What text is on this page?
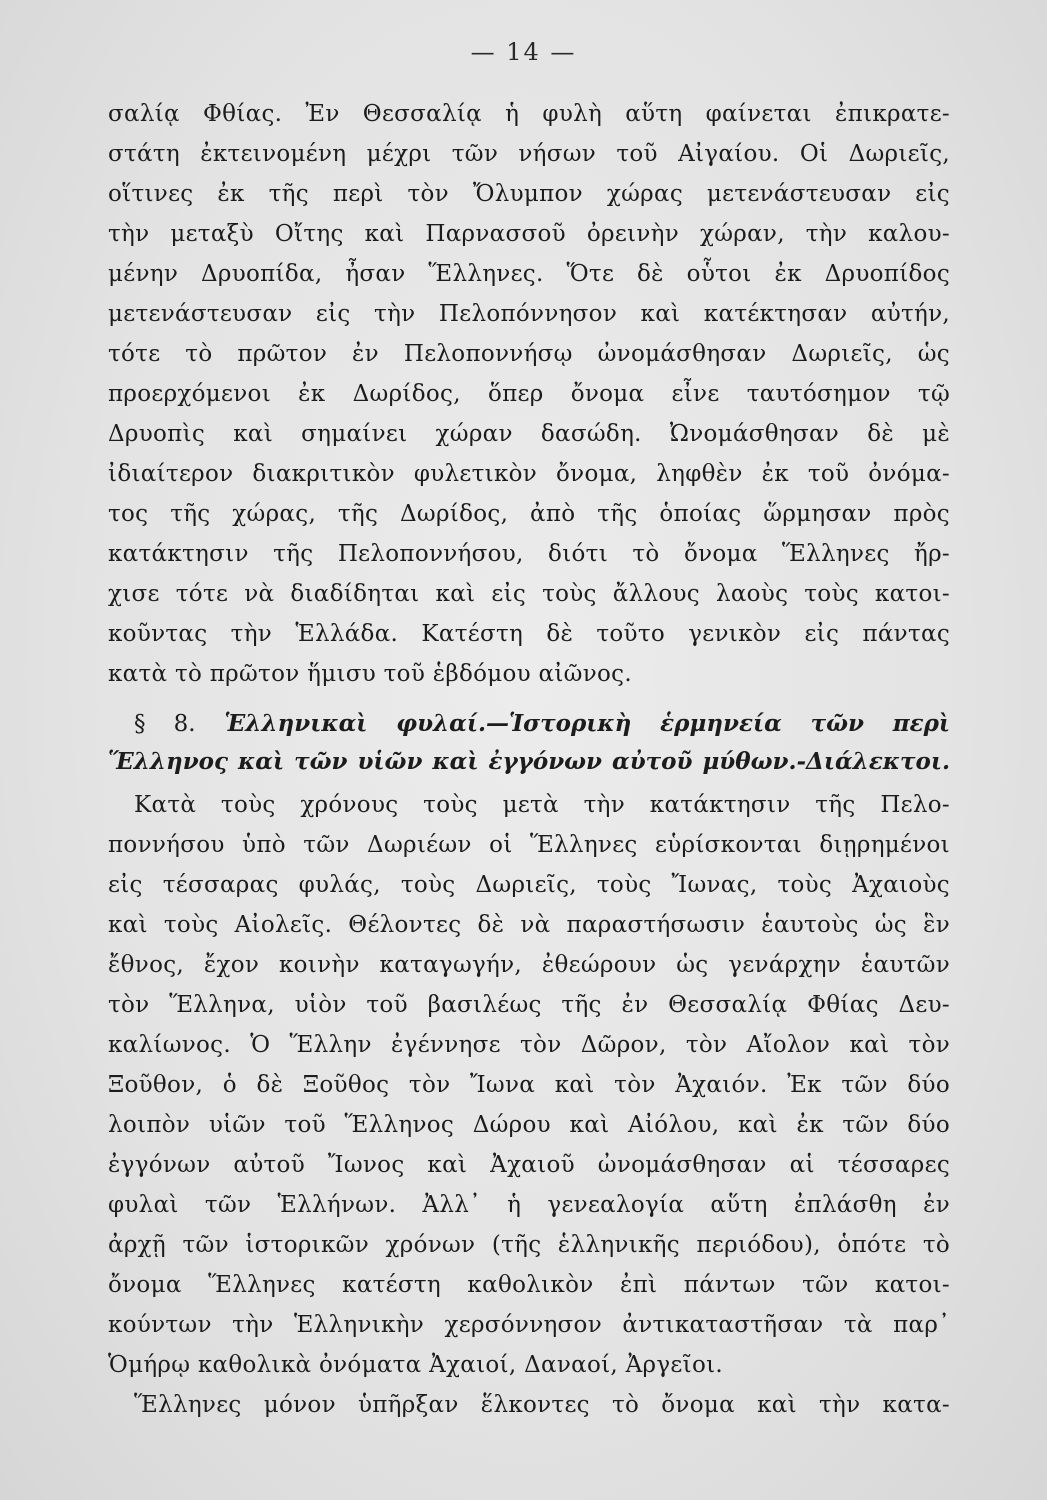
— 14 —
σαλίᾳ Φθίας. Ἐν Θεσσαλίᾳ ἡ φυλὴ αὕτη φαίνεται ἐπικρατε-
στάτη ἐκτεινομένη μέχρι τῶν νήσων τοῦ Αἰγαίου. Οἱ Δωριεῖς,
οἵτινες ἐκ τῆς περὶ τὸν Ὄλυμπον χώρας μετενάστευσαν εἰς
τὴν μεταξὺ Οἴτης καὶ Παρνασσοῦ ὀρεινὴν χώραν, τὴν καλου-
μένην Δρυοπίδα, ἦσαν Ἕλληνες. Ὅτε δὲ οὗτοι ἐκ Δρυοπίδος
μετενάστευσαν εἰς τὴν Πελοπόννησον καὶ κατέκτησαν αὐτήν,
τότε τὸ πρῶτον ἐν Πελοποννήσῳ ὠνομάσθησαν Δωριεῖς, ὡς
προερχόμενοι ἐκ Δωρίδος, ὅπερ ὄνομα εἶνε ταυτόσημον τῷ
Δρυοπὶς καὶ σημαίνει χώραν δασώδη. Ὠνομάσθησαν δὲ μὲ
ἰδιαίτερον διακριτικὸν φυλετικὸν ὄνομα, ληφθὲν ἐκ τοῦ ὀνόμα-
τος τῆς χώρας, τῆς Δωρίδος, ἀπὸ τῆς ὁποίας ὥρμησαν πρὸς
κατάκτησιν τῆς Πελοποννήσου, διότι τὸ ὄνομα Ἕλληνες ἤρ-
χισε τότε νὰ διαδίδηται καὶ εἰς τοὺς ἄλλους λαοὺς τοὺς κατοι-
κοῦντας τὴν Ἑλλάδα. Κατέστη δὲ τοῦτο γενικὸν εἰς πάντας
κατὰ τὸ πρῶτον ἥμισυ τοῦ ἑβδόμου αἰῶνος.
§ 8. Ἑλληνικαὶ φυλαί.—Ἱστορικὴ ἑρμηνεία τῶν περὶ
Ἕλληνος καὶ τῶν υἱῶν καὶ ἐγγόνων αὐτοῦ μύθων.-Διάλεκτοι.
Κατὰ τοὺς χρόνους τοὺς μετὰ τὴν κατάκτησιν τῆς Πελο-
ποννήσου ὑπὸ τῶν Δωριέων οἱ Ἕλληνες εὑρίσκονται διῃρημένοι
εἰς τέσσαρας φυλάς, τοὺς Δωριεῖς, τοὺς Ἴωνας, τοὺς Ἀχαιοὺς
καὶ τοὺς Αἰολεῖς. Θέλοντες δὲ νὰ παραστήσωσιν ἑαυτοὺς ὡς ἓν
ἔθνος, ἔχον κοινὴν καταγωγήν, ἐθεώρουν ὡς γενάρχην ἑαυτῶν
τὸν Ἕλληνα, υἱὸν τοῦ βασιλέως τῆς ἐν Θεσσαλίᾳ Φθίας Δευ-
καλίωνος. Ὁ Ἕλλην ἐγέννησε τὸν Δῶρον, τὸν Αἴολον καὶ τὸν
Ξοῦθον, ὁ δὲ Ξοῦθος τὸν Ἴωνα καὶ τὸν Ἀχαιόν. Ἐκ τῶν δύο
λοιπὸν υἱῶν τοῦ Ἕλληνος Δώρου καὶ Αἰόλου, καὶ ἐκ τῶν δύο
ἐγγόνων αὐτοῦ Ἴωνος καὶ Ἀχαιοῦ ὠνομάσθησαν αἱ τέσσαρες
φυλαὶ τῶν Ἑλλήνων. Ἀλλ᾽ ἡ γενεαλογία αὕτη ἐπλάσθη ἐν
ἀρχῇ τῶν ἱστορικῶν χρόνων (τῆς ἑλληνικῆς περιόδου), ὁπότε τὸ
ὄνομα Ἕλληνες κατέστη καθολικὸν ἐπὶ πάντων τῶν κατοι-
κούντων τὴν Ἑλληνικὴν χερσόννησον ἀντικαταστῆσαν τὰ παρ᾽
Ὁμήρῳ καθολικὰ ὀνόματα Ἀχαιοί, Δαναοί, Ἀργεῖοι.
Ἕλληνες μόνον ὑπῆρξαν ἕλκοντες τὸ ὄνομα καὶ τὴν κατα-
